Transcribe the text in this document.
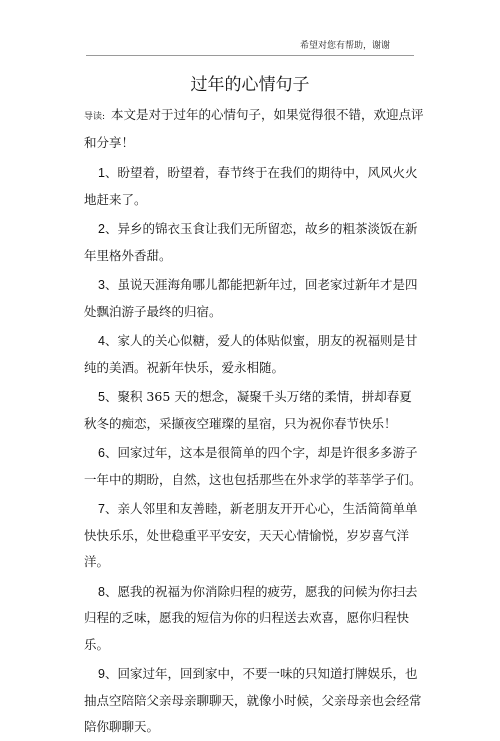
希望对您有帮助，谢谢
过年的心情句子

导读: 本文是对于过年的心情句子，如果觉得很不错，欢迎点评和分享！

1、盼望着，盼望着，春节终于在我们的期待中，风风火火地赶来了。

2、异乡的锦衣玉食让我们无所留恋，故乡的粗茶淡饭在新年里格外香甜。

3、虽说天涯海角哪儿都能把新年过，回老家过新年才是四处飘泊游子最终的归宿。

4、家人的关心似糖，爱人的体贴似蜜，朋友的祝福则是甘纯的美酒。祝新年快乐，爱永相随。

5、聚积 365 天的想念，凝聚千头万绪的柔情，拼却春夏秋冬的痴恋，采撷夜空璀璨的星宿，只为祝你春节快乐！

6、回家过年，这本是很简单的四个字，却是许很多多游子一年中的期盼，自然，这也包括那些在外求学的莘莘学子们。

7、亲人邻里和友善睦，新老朋友开开心心，生活简简单单快快乐乐，处世稳重平平安安，天天心情愉悦，岁岁喜气洋洋。

8、愿我的祝福为你消除归程的疲劳，愿我的问候为你扫去归程的乏味，愿我的短信为你的归程送去欢喜，愿你归程快乐。

9、回家过年，回到家中，不要一味的只知道打牌娱乐，也抽点空陪陪父亲母亲聊聊天，就像小时候，父亲母亲也会经常陪你聊聊天。
